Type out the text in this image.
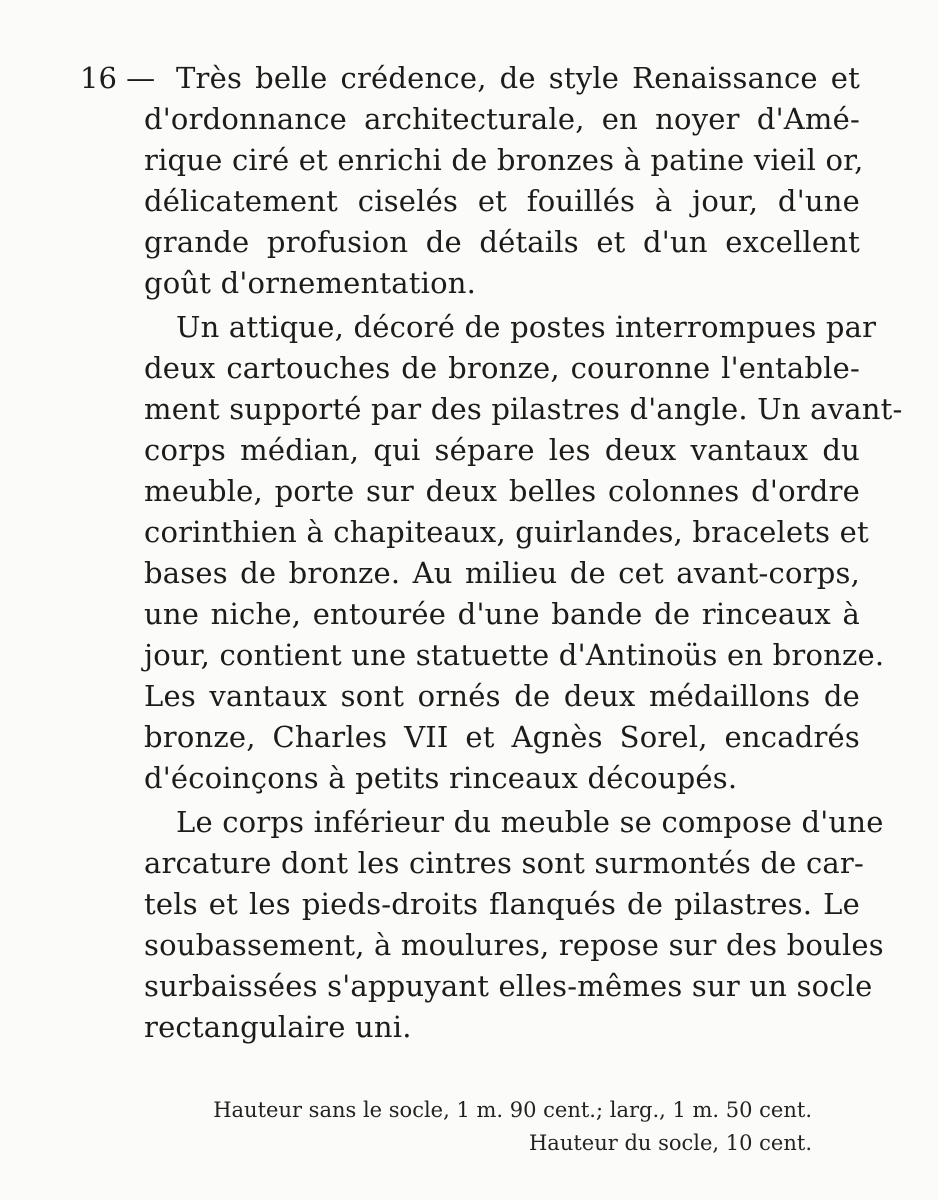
16 — Très belle crédence, de style Renaissance et
d'ordonnance architecturale, en noyer d'Amé-
rique ciré et enrichi de bronzes à patine vieil or,
délicatement ciselés et fouillés à jour, d'une
grande profusion de détails et d'un excellent
goût d'ornementation.
Un attique, décoré de postes interrompues par
deux cartouches de bronze, couronne l'entable-
ment supporté par des pilastres d'angle. Un avant-
corps médian, qui sépare les deux vantaux du
meuble, porte sur deux belles colonnes d'ordre
corinthien à chapiteaux, guirlandes, bracelets et
bases de bronze. Au milieu de cet avant-corps,
une niche, entourée d'une bande de rinceaux à
jour, contient une statuette d'Antinoüs en bronze.
Les vantaux sont ornés de deux médaillons de
bronze, Charles VII et Agnès Sorel, encadrés
d'écoinçons à petits rinceaux découpés.
Le corps inférieur du meuble se compose d'une
arcature dont les cintres sont surmontés de car-
tels et les pieds-droits flanqués de pilastres. Le
soubassement, à moulures, repose sur des boules
surbaissées s'appuyant elles-mêmes sur un socle
rectangulaire uni.
Hauteur sans le socle, 1 m. 90 cent.; larg., 1 m. 50 cent.
Hauteur du socle, 10 cent.
